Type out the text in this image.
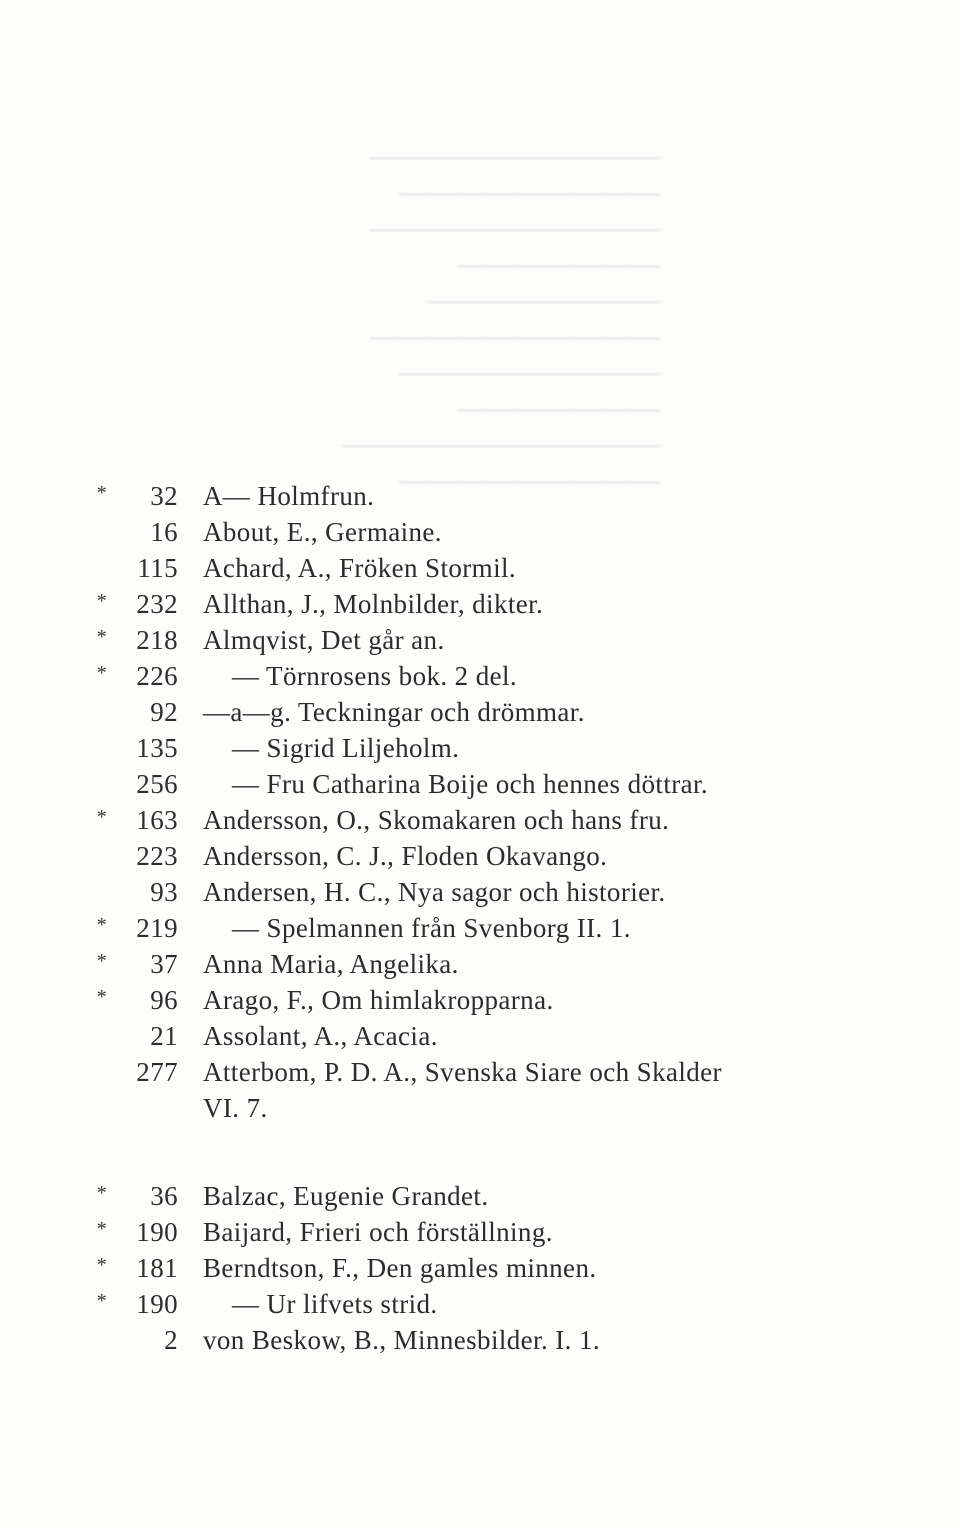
——————————
—————————
——————————
———————
————————
——————————
—————————
———————
———————————
—————————
*	32 A— Holmfrun.
16 About, E., Germaine.
115 Achard, A., Fröken Stormil.
*	232 Allthan, J., Molnbilder, dikter.
*	218 Almqvist, Det går an.
*	226 — Törnrosens bok. 2 del.
92 —a—g. Teckningar och drömmar.
135 — Sigrid Liljeholm.
256 — Fru Catharina Boije och hennes döttrar.
*	163 Andersson, O., Skomakaren och hans fru.
223 Andersson, C. J., Floden Okavango.
93 Andersen, H. C., Nya sagor och historier.
*	219 — Spelmannen från Svenborg II. 1.
*	37 Anna Maria, Angelika.
*	96 Arago, F., Om himlakropparna.
21 Assolant, A., Acacia.
277 Atterbom, P. D. A., Svenska Siare och Skalder
VI. 7.
*	36 Balzac, Eugenie Grandet.
*	190 Baijard, Frieri och förställning.
*	181 Berndtson, F., Den gamles minnen.
*	190 — Ur lifvets strid.
2 von Beskow, B., Minnesbilder. I. 1.
